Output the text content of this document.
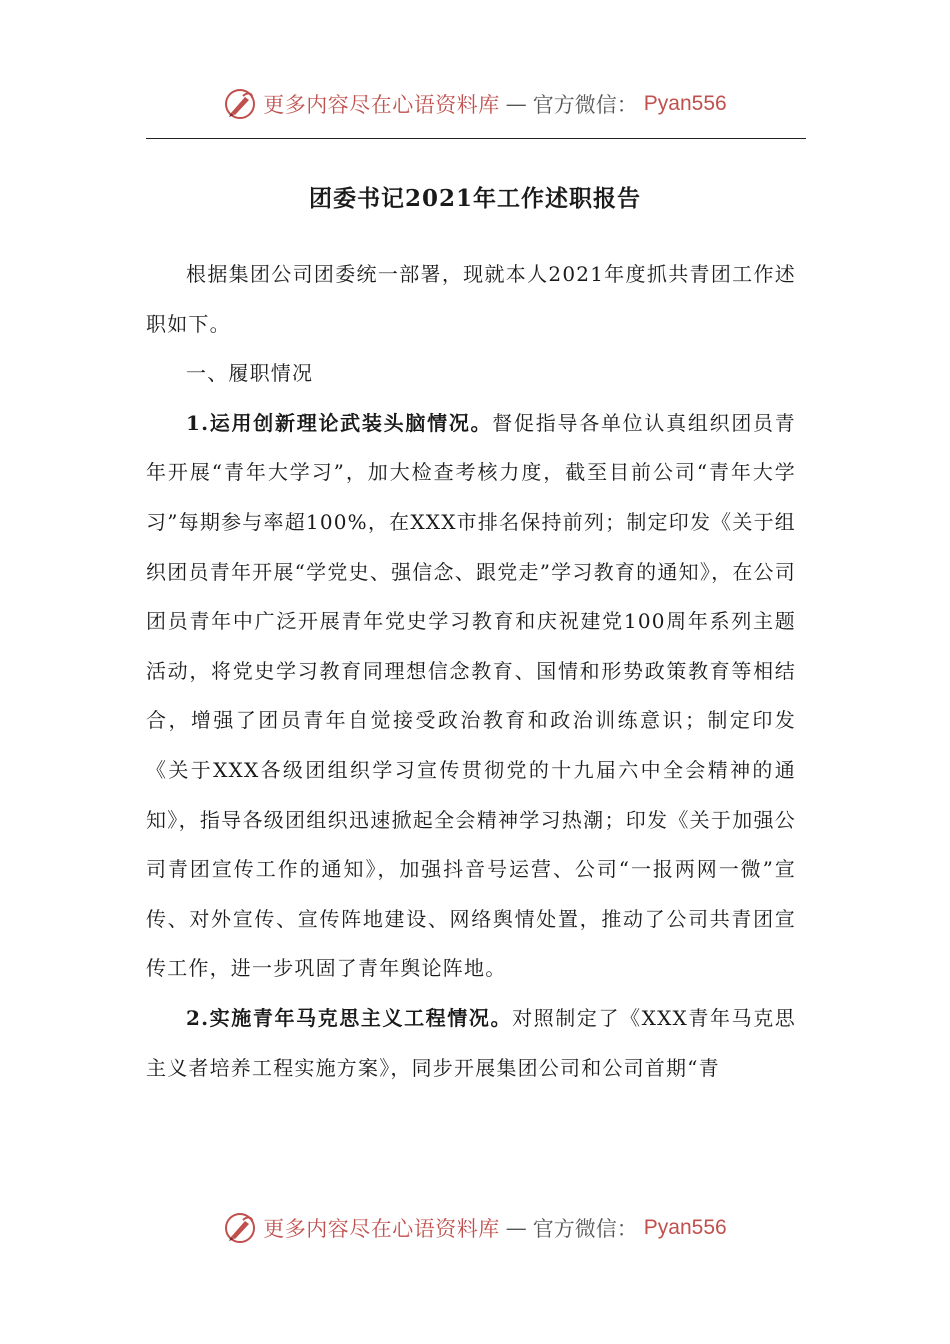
更多内容尽在心语资料库 — 官方微信： Pyan556
团委书记2021年工作述职报告

根据集团公司团委统一部署，现就本人2021年度抓共青团工作述职如下。

一、履职情况

1.运用创新理论武装头脑情况。督促指导各单位认真组织团员青年开展“青年大学习”，加大检查考核力度，截至目前公司“青年大学习”每期参与率超100%，在XXX市排名保持前列；制定印发《关于组织团员青年开展“学党史、强信念、跟党走”学习教育的通知》，在公司团员青年中广泛开展青年党史学习教育和庆祝建党100周年系列主题活动，将党史学习教育同理想信念教育、国情和形势政策教育等相结合，增强了团员青年自觉接受政治教育和政治训练意识；制定印发《关于XXX各级团组织学习宣传贯彻党的十九届六中全会精神的通知》，指导各级团组织迅速掀起全会精神学习热潮；印发《关于加强公司青团宣传工作的通知》，加强抖音号运营、公司“一报两网一微”宣传、对外宣传、宣传阵地建设、网络舆情处置，推动了公司共青团宣传工作，进一步巩固了青年舆论阵地。

2.实施青年马克思主义工程情况。对照制定了《XXX青年马克思主义者培养工程实施方案》，同步开展集团公司和公司首期“青

更多内容尽在心语资料库 — 官方微信： Pyan556
